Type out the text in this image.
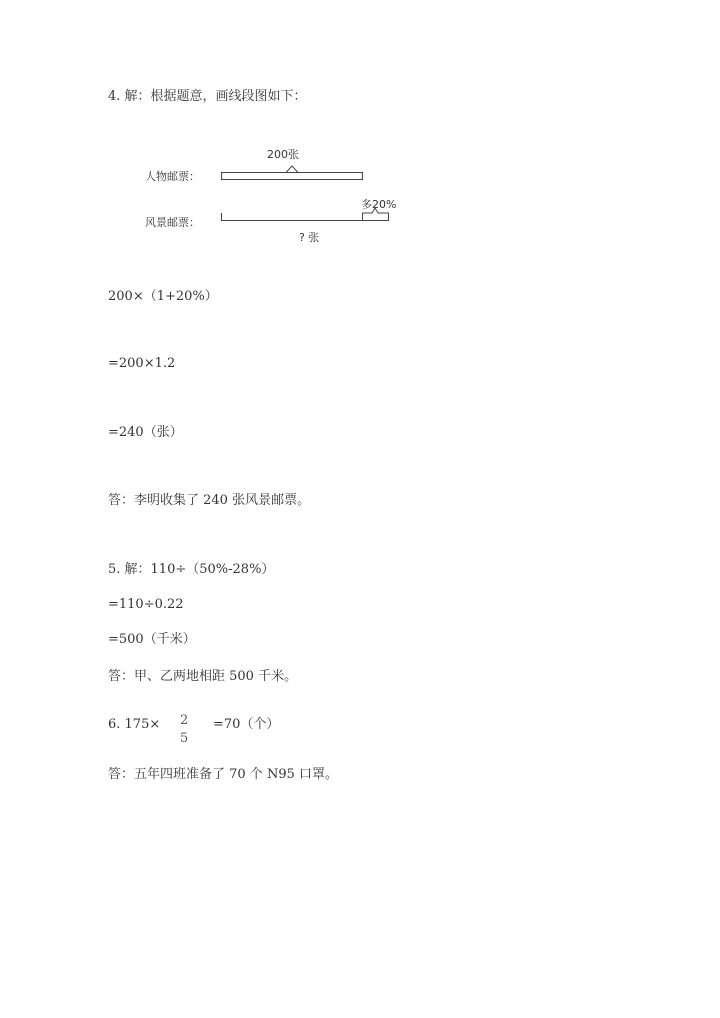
4. 解：根据题意，画线段图如下：
人物邮票：
风景邮票：
200张
多20%
? 张
200×（1+20%）
=200×1.2
=240（张）
答：李明收集了 240 张风景邮票。
5. 解：110÷（50%-28%）
=110÷0.22
=500（千米）
答：甲、乙两地相距 500 千米。
6. 175× 2
5
=70（个）
答：五年四班准备了 70 个 N95 口罩。
